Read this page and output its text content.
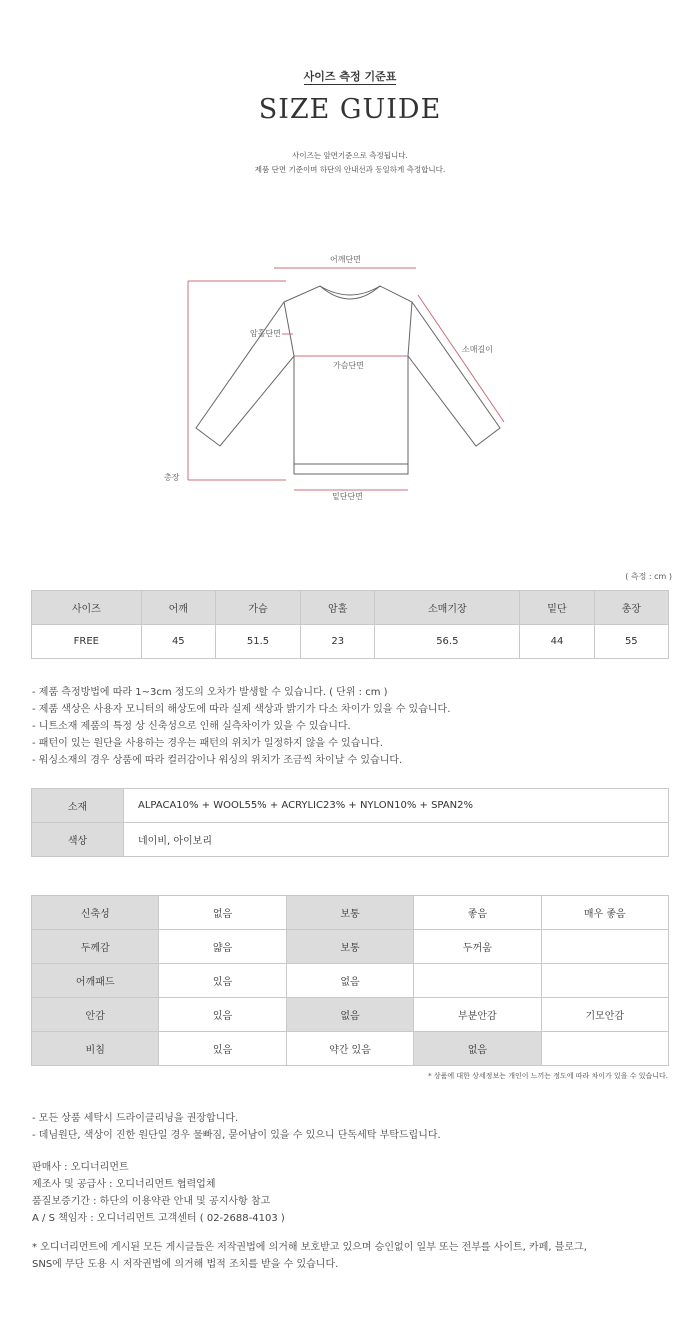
사이즈 측정 기준표
SIZE GUIDE
사이즈는 앞면기준으로 측정됩니다.
제품 단면 기준이며 하단의 안내선과 동일하게 측정합니다.
어깨단면
암홀단면
가슴단면
소매길이
총장
밑단단면
( 측정 : cm )
사이즈	어깨	가슴	암홀	소매기장	밑단	총장
FREE	45	51.5	23	56.5	44	55
- 제품 측정방법에 따라 1~3cm 정도의 오차가 발생할 수 있습니다. ( 단위 : cm )
- 제품 색상은 사용자 모니터의 해상도에 따라 실제 색상과 밝기가 다소 차이가 있을 수 있습니다.
- 니트소재 제품의 특정 상 신축성으로 인해 실측차이가 있을 수 있습니다.
- 패턴이 있는 원단을 사용하는 경우는 패턴의 위치가 일정하지 않을 수 있습니다.
- 워싱소재의 경우 상품에 따라 컬러감이나 워싱의 위치가 조금씩 차이날 수 있습니다.
소재	ALPACA10% + WOOL55% + ACRYLIC23% + NYLON10% + SPAN2%
색상	네이비, 아이보리
신축성	없음	보통	좋음	매우 좋음
두께감	얇음	보통	두꺼움	
어깨패드	있음	없음		
안감	있음	없음	부분안감	기모안감
비침	있음	약간 있음	없음	
* 상품에 대한 상세정보는 개인이 느끼는 정도에 따라 차이가 있을 수 있습니다.
- 모든 상품 세탁시 드라이클리닝을 권장합니다.
- 데님원단, 색상이 진한 원단일 경우 물빠짐, 묻어남이 있을 수 있으니 단독세탁 부탁드립니다.
판매사 : 오디너리먼트
제조사 및 공급사 : 오디너리먼트 협력업체
품질보증기간 : 하단의 이용약관 안내 및 공지사항 참고
A / S 책임자 : 오디너리먼트 고객센터 ( 02-2688-4103 )
* 오디너리먼트에 게시된 모든 게시글들은 저작권법에 의거해 보호받고 있으며 승인없이 일부 또는 전부를 사이트, 카페, 블로그,
SNS에 무단 도용 시 저작권법에 의거해 법적 조치를 받을 수 있습니다.
